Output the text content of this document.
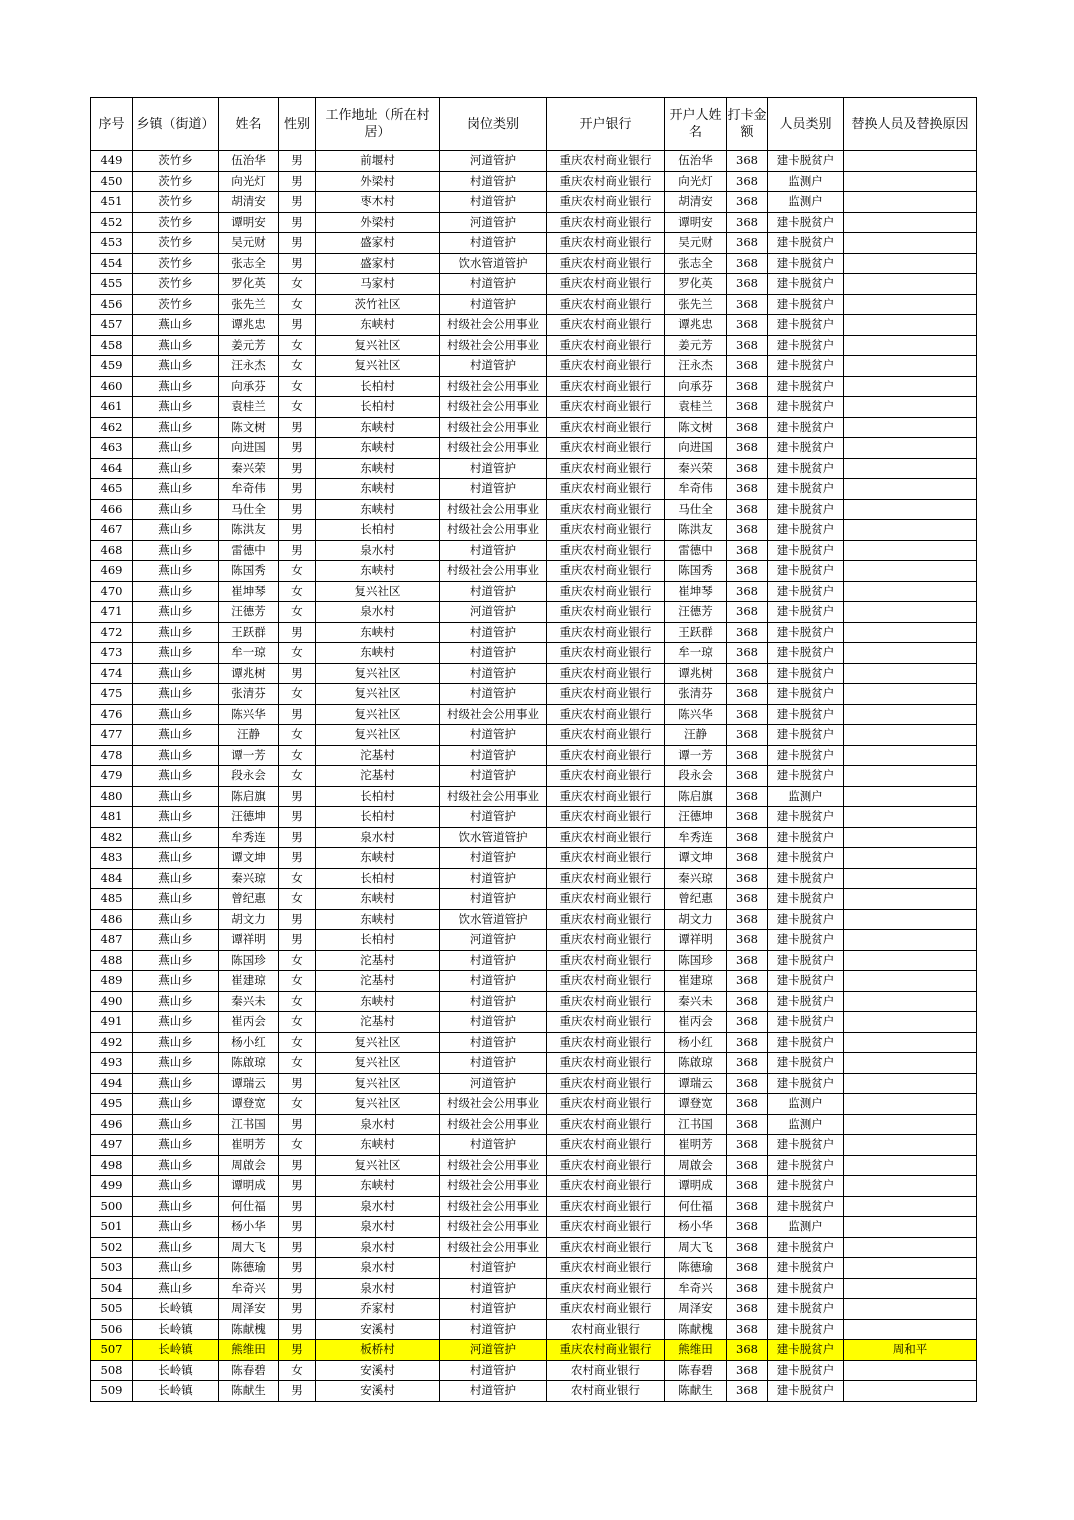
序号	乡镇（街道）	姓名	性别	工作地址（所在村居）	岗位类别	开户银行	开户人姓名	打卡金额	人员类别	替换人员及替换原因
449	茨竹乡	伍治华	男	前堰村	河道管护	重庆农村商业银行	伍治华	368	建卡脱贫户	
450	茨竹乡	向光灯	男	外梁村	村道管护	重庆农村商业银行	向光灯	368	监测户	
451	茨竹乡	胡清安	男	枣木村	村道管护	重庆农村商业银行	胡清安	368	监测户	
452	茨竹乡	谭明安	男	外梁村	河道管护	重庆农村商业银行	谭明安	368	建卡脱贫户	
453	茨竹乡	吴元财	男	盛家村	村道管护	重庆农村商业银行	吴元财	368	建卡脱贫户	
454	茨竹乡	张志全	男	盛家村	饮水管道管护	重庆农村商业银行	张志全	368	建卡脱贫户	
455	茨竹乡	罗化英	女	马家村	村道管护	重庆农村商业银行	罗化英	368	建卡脱贫户	
456	茨竹乡	张先兰	女	茨竹社区	村道管护	重庆农村商业银行	张先兰	368	建卡脱贫户	
457	燕山乡	谭兆忠	男	东峡村	村级社会公用事业	重庆农村商业银行	谭兆忠	368	建卡脱贫户	
458	燕山乡	姜元芳	女	复兴社区	村级社会公用事业	重庆农村商业银行	姜元芳	368	建卡脱贫户	
459	燕山乡	汪永杰	女	复兴社区	村道管护	重庆农村商业银行	汪永杰	368	建卡脱贫户	
460	燕山乡	向承芬	女	长柏村	村级社会公用事业	重庆农村商业银行	向承芬	368	建卡脱贫户	
461	燕山乡	袁桂兰	女	长柏村	村级社会公用事业	重庆农村商业银行	袁桂兰	368	建卡脱贫户	
462	燕山乡	陈文树	男	东峡村	村级社会公用事业	重庆农村商业银行	陈文树	368	建卡脱贫户	
463	燕山乡	向进国	男	东峡村	村级社会公用事业	重庆农村商业银行	向进国	368	建卡脱贫户	
464	燕山乡	秦兴荣	男	东峡村	村道管护	重庆农村商业银行	秦兴荣	368	建卡脱贫户	
465	燕山乡	牟奇伟	男	东峡村	村道管护	重庆农村商业银行	牟奇伟	368	建卡脱贫户	
466	燕山乡	马仕全	男	东峡村	村级社会公用事业	重庆农村商业银行	马仕全	368	建卡脱贫户	
467	燕山乡	陈洪友	男	长柏村	村级社会公用事业	重庆农村商业银行	陈洪友	368	建卡脱贫户	
468	燕山乡	雷德中	男	泉水村	村道管护	重庆农村商业银行	雷德中	368	建卡脱贫户	
469	燕山乡	陈国秀	女	东峡村	村级社会公用事业	重庆农村商业银行	陈国秀	368	建卡脱贫户	
470	燕山乡	崔坤琴	女	复兴社区	村道管护	重庆农村商业银行	崔坤琴	368	建卡脱贫户	
471	燕山乡	汪德芳	女	泉水村	河道管护	重庆农村商业银行	汪德芳	368	建卡脱贫户	
472	燕山乡	王跃群	男	东峡村	村道管护	重庆农村商业银行	王跃群	368	建卡脱贫户	
473	燕山乡	牟一琼	女	东峡村	村道管护	重庆农村商业银行	牟一琼	368	建卡脱贫户	
474	燕山乡	谭兆树	男	复兴社区	村道管护	重庆农村商业银行	谭兆树	368	建卡脱贫户	
475	燕山乡	张清芬	女	复兴社区	村道管护	重庆农村商业银行	张清芬	368	建卡脱贫户	
476	燕山乡	陈兴华	男	复兴社区	村级社会公用事业	重庆农村商业银行	陈兴华	368	建卡脱贫户	
477	燕山乡	汪静	女	复兴社区	村道管护	重庆农村商业银行	汪静	368	建卡脱贫户	
478	燕山乡	谭一芳	女	沱基村	村道管护	重庆农村商业银行	谭一芳	368	建卡脱贫户	
479	燕山乡	段永会	女	沱基村	村道管护	重庆农村商业银行	段永会	368	建卡脱贫户	
480	燕山乡	陈启旗	男	长柏村	村级社会公用事业	重庆农村商业银行	陈启旗	368	监测户	
481	燕山乡	汪德坤	男	长柏村	村道管护	重庆农村商业银行	汪德坤	368	建卡脱贫户	
482	燕山乡	牟秀连	男	泉水村	饮水管道管护	重庆农村商业银行	牟秀连	368	建卡脱贫户	
483	燕山乡	谭文坤	男	东峡村	村道管护	重庆农村商业银行	谭文坤	368	建卡脱贫户	
484	燕山乡	秦兴琼	女	长柏村	村道管护	重庆农村商业银行	秦兴琼	368	建卡脱贫户	
485	燕山乡	曾纪惠	女	东峡村	村道管护	重庆农村商业银行	曾纪惠	368	建卡脱贫户	
486	燕山乡	胡文力	男	东峡村	饮水管道管护	重庆农村商业银行	胡文力	368	建卡脱贫户	
487	燕山乡	谭祥明	男	长柏村	河道管护	重庆农村商业银行	谭祥明	368	建卡脱贫户	
488	燕山乡	陈国珍	女	沱基村	村道管护	重庆农村商业银行	陈国珍	368	建卡脱贫户	
489	燕山乡	崔建琼	女	沱基村	村道管护	重庆农村商业银行	崔建琼	368	建卡脱贫户	
490	燕山乡	秦兴未	女	东峡村	村道管护	重庆农村商业银行	秦兴未	368	建卡脱贫户	
491	燕山乡	崔丙会	女	沱基村	村道管护	重庆农村商业银行	崔丙会	368	建卡脱贫户	
492	燕山乡	杨小红	女	复兴社区	村道管护	重庆农村商业银行	杨小红	368	建卡脱贫户	
493	燕山乡	陈啟琼	女	复兴社区	村道管护	重庆农村商业银行	陈啟琼	368	建卡脱贫户	
494	燕山乡	谭瑞云	男	复兴社区	河道管护	重庆农村商业银行	谭瑞云	368	建卡脱贫户	
495	燕山乡	谭登宽	女	复兴社区	村级社会公用事业	重庆农村商业银行	谭登宽	368	监测户	
496	燕山乡	江书国	男	泉水村	村级社会公用事业	重庆农村商业银行	江书国	368	监测户	
497	燕山乡	崔明芳	女	东峡村	村道管护	重庆农村商业银行	崔明芳	368	建卡脱贫户	
498	燕山乡	周啟会	男	复兴社区	村级社会公用事业	重庆农村商业银行	周啟会	368	建卡脱贫户	
499	燕山乡	谭明成	男	东峡村	村级社会公用事业	重庆农村商业银行	谭明成	368	建卡脱贫户	
500	燕山乡	何仕福	男	泉水村	村级社会公用事业	重庆农村商业银行	何仕福	368	建卡脱贫户	
501	燕山乡	杨小华	男	泉水村	村级社会公用事业	重庆农村商业银行	杨小华	368	监测户	
502	燕山乡	周大飞	男	泉水村	村级社会公用事业	重庆农村商业银行	周大飞	368	建卡脱贫户	
503	燕山乡	陈德瑜	男	泉水村	村道管护	重庆农村商业银行	陈德瑜	368	建卡脱贫户	
504	燕山乡	牟奇兴	男	泉水村	村道管护	重庆农村商业银行	牟奇兴	368	建卡脱贫户	
505	长岭镇	周泽安	男	乔家村	村道管护	重庆农村商业银行	周泽安	368	建卡脱贫户	
506	长岭镇	陈献槐	男	安溪村	村道管护	农村商业银行	陈献槐	368	建卡脱贫户	
507	长岭镇	熊维田	男	板桥村	河道管护	重庆农村商业银行	熊维田	368	建卡脱贫户	周和平
508	长岭镇	陈春碧	女	安溪村	村道管护	农村商业银行	陈春碧	368	建卡脱贫户	
509	长岭镇	陈献生	男	安溪村	村道管护	农村商业银行	陈献生	368	建卡脱贫户	
